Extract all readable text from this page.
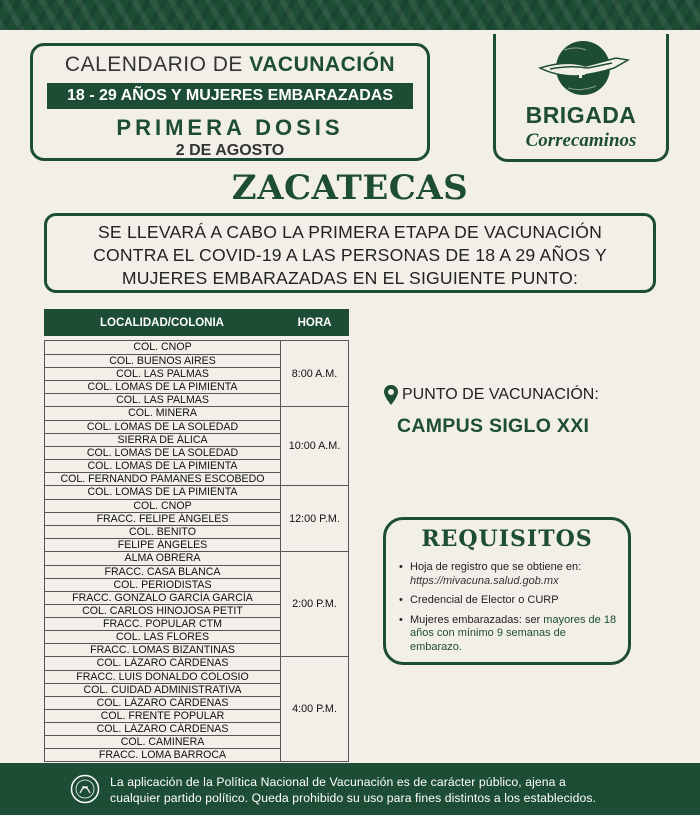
CALENDARIO DE VACUNACIÓN
18 - 29 AÑOS Y MUJERES EMBARAZADAS
PRIMERA DOSIS
2 DE AGOSTO
BRIGADA
Correcaminos
ZACATECAS
SE LLEVARÁ A CABO LA PRIMERA ETAPA DE VACUNACIÓN
CONTRA EL COVID-19 A LAS PERSONAS DE 18 A 29 AÑOS Y
MUJERES EMBARAZADAS EN EL SIGUIENTE PUNTO:
LOCALIDAD/COLONIA	HORA
COL. CNOP
COL. BUENOS AIRES
COL. LAS PALMAS
COL. LOMAS DE LA PIMIENTA
COL. LAS PALMAS
8:00 A.M.
COL. MINERA
COL. LOMAS DE LA SOLEDAD
SIERRA DE ÁLICA
COL. LOMAS DE LA SOLEDAD
COL. LOMAS DE LA PIMIENTA
COL. FERNANDO PAMANES ESCOBEDO
10:00 A.M.
COL. LOMAS DE LA PIMIENTA
COL. CNOP
FRACC. FELIPE ÁNGELES
COL. BENITO
FELIPE ÁNGELES
12:00 P.M.
ALMA OBRERA
FRACC. CASA BLANCA
COL. PERIODISTAS
FRACC. GONZALO GARCÍA GARCÍA
COL. CARLOS HINOJOSA PETIT
FRACC. POPULAR CTM
COL. LAS FLORES
FRACC. LOMAS BIZANTINAS
2:00 P.M.
COL. LÁZARO CÁRDENAS
FRACC. LUIS DONALDO COLOSIO
COL. CUIDAD ADMINISTRATIVA
COL. LÁZARO CÁRDENAS
COL. FRENTE POPULAR
COL. LÁZARO CÁRDENAS
COL. CAMINERA
FRACC. LOMA BARROCA
4:00 P.M.
PUNTO DE VACUNACIÓN:
CAMPUS SIGLO XXI
REQUISITOS
• Hoja de registro que se obtiene en: https://mivacuna.salud.gob.mx
• Credencial de Elector o CURP
• Mujeres embarazadas: ser mayores de 18 años con mínimo 9 semanas de embarazo.
La aplicación de la Política Nacional de Vacunación es de carácter público, ajena a
cualquier partido político. Queda prohibido su uso para fines distintos a los establecidos.
